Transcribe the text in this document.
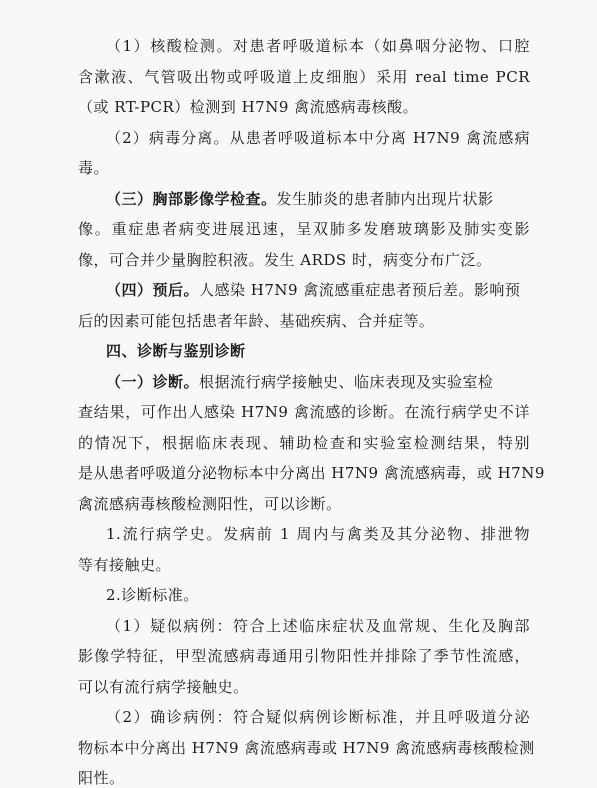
（1）核酸检测。对患者呼吸道标本（如鼻咽分泌物、口腔
含漱液、气管吸出物或呼吸道上皮细胞）采用 real time PCR
（或 RT-PCR）检测到 H7N9 禽流感病毒核酸。
（2）病毒分离。从患者呼吸道标本中分离 H7N9 禽流感病
毒。
（三）胸部影像学检查。发生肺炎的患者肺内出现片状影
像。重症患者病变进展迅速，呈双肺多发磨玻璃影及肺实变影
像，可合并少量胸腔积液。发生 ARDS 时，病变分布广泛。
（四）预后。人感染 H7N9 禽流感重症患者预后差。影响预
后的因素可能包括患者年龄、基础疾病、合并症等。
四、诊断与鉴别诊断
（一）诊断。根据流行病学接触史、临床表现及实验室检
查结果，可作出人感染 H7N9 禽流感的诊断。在流行病学史不详
的情况下，根据临床表现、辅助检查和实验室检测结果，特别
是从患者呼吸道分泌物标本中分离出 H7N9 禽流感病毒，或 H7N9
禽流感病毒核酸检测阳性，可以诊断。
1.流行病学史。发病前 1 周内与禽类及其分泌物、排泄物
等有接触史。
2.诊断标准。
（1）疑似病例：符合上述临床症状及血常规、生化及胸部
影像学特征，甲型流感病毒通用引物阳性并排除了季节性流感，
可以有流行病学接触史。
（2）确诊病例：符合疑似病例诊断标准，并且呼吸道分泌
物标本中分离出 H7N9 禽流感病毒或 H7N9 禽流感病毒核酸检测
阳性。
